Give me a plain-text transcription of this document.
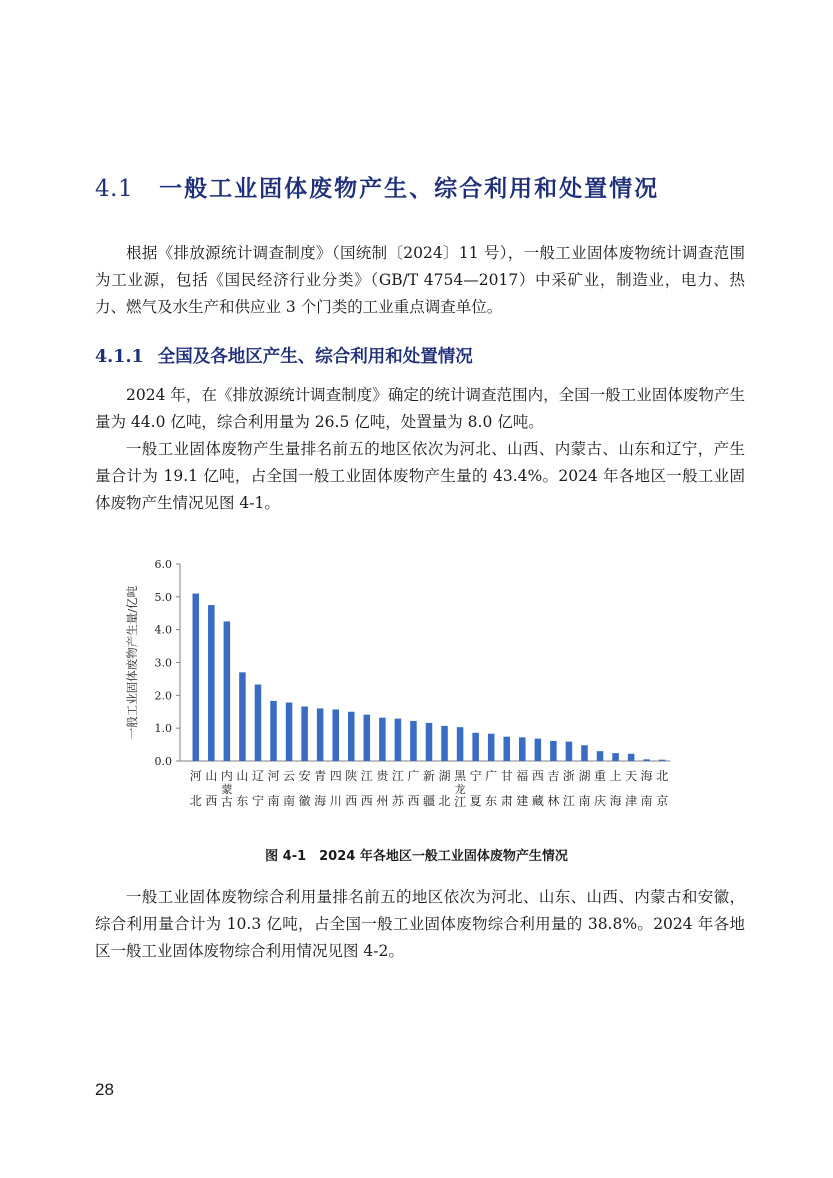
4.1 一般工业固体废物产生、综合利用和处置情况

根据《排放源统计调查制度》（国统制〔2024〕11 号），一般工业固体废物统计调查范围为工业源，包括《国民经济行业分类》（GB/T 4754—2017）中采矿业，制造业，电力、热力、燃气及水生产和供应业 3 个门类的工业重点调查单位。

4.1.1 全国及各地区产生、综合利用和处置情况

2024 年，在《排放源统计调查制度》确定的统计调查范围内，全国一般工业固体废物产生量为 44.0 亿吨，综合利用量为 26.5 亿吨，处置量为 8.0 亿吨。

一般工业固体废物产生量排名前五的地区依次为河北、山西、内蒙古、山东和辽宁，产生量合计为 19.1 亿吨，占全国一般工业固体废物产生量的 43.4%。2024 年各地区一般工业固体废物产生情况见图 4-1。

0.0
1.0
2.0
3.0
4.0
5.0
6.0
一般工业固体废物产生量/亿吨
河北
山西
内蒙古
山东
辽宁
河南
云南
安徽
青海
四川
陕西
江西
贵州
江苏
广西
新疆
湖北
黑龙江
宁夏
广东
甘肃
福建
西藏
吉林
浙江
湖南
重庆
上海
天津
海南
北京
图 4-1　2024 年各地区一般工业固体废物产生情况

一般工业固体废物综合利用量排名前五的地区依次为河北、山东、山西、内蒙古和安徽，综合利用量合计为 10.3 亿吨，占全国一般工业固体废物综合利用量的 38.8%。2024 年各地区一般工业固体废物综合利用情况见图 4-2。

28
